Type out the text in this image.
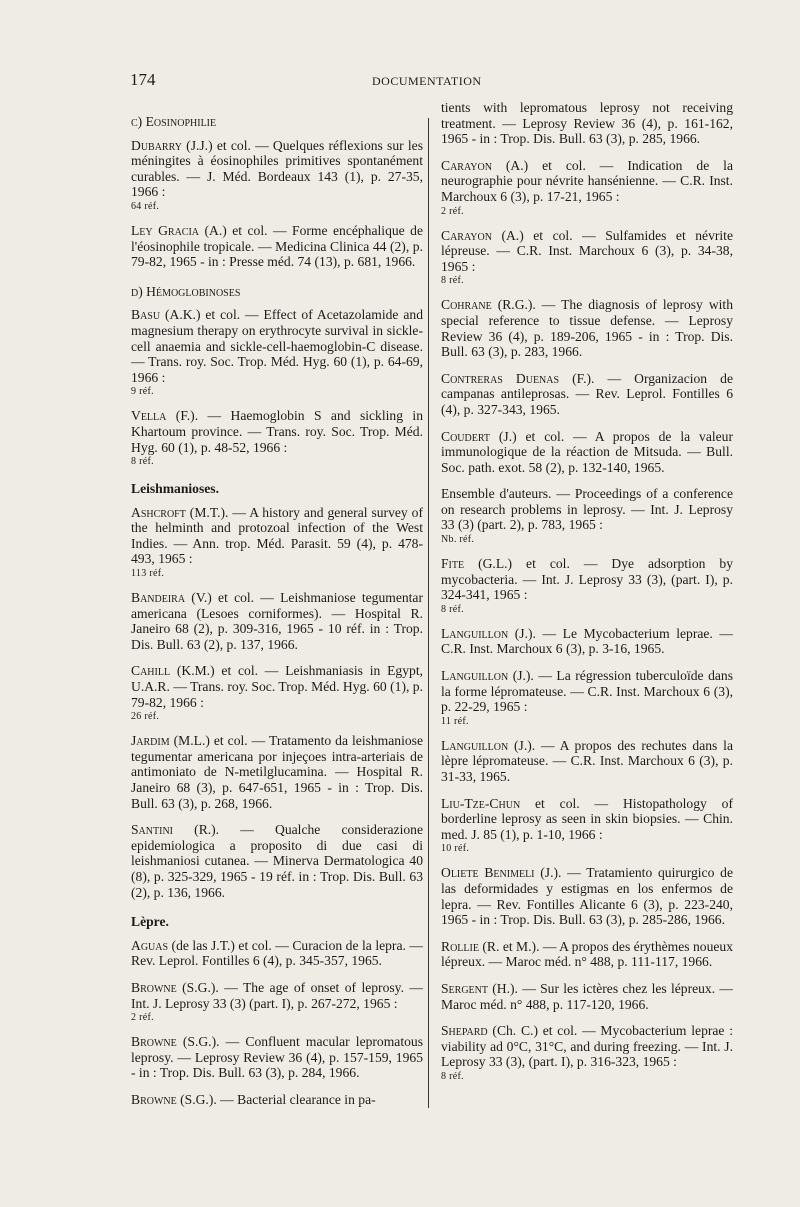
174	DOCUMENTATION
c) Eosinophilie

Dubarry (J.J.) et col. — Quelques réflexions sur les méningites à éosinophiles primitives spontanément curables. — J. Méd. Bordeaux 143 (1), p. 27-35, 1966 :
64 réf.

Ley Gracia (A.) et col. — Forme encéphalique de l'éosinophile tropicale. — Medicina Clinica 44 (2), p. 79-82, 1965 - in : Presse méd. 74 (13), p. 681, 1966.

d) Hémoglobinoses

Basu (A.K.) et col. — Effect of Acetazolamide and magnesium therapy on erythrocyte survival in sickle-cell anaemia and sickle-cell-haemoglobin-C disease. — Trans. roy. Soc. Trop. Méd. Hyg. 60 (1), p. 64-69, 1966 :
9 réf.

Vella (F.). — Haemoglobin S and sickling in Khartoum province. — Trans. roy. Soc. Trop. Méd. Hyg. 60 (1), p. 48-52, 1966 :
8 réf.

Leishmanioses.

Ashcroft (M.T.). — A history and general survey of the helminth and protozoal infection of the West Indies. — Ann. trop. Méd. Parasit. 59 (4), p. 478-493, 1965 :
113 réf.

Bandeira (V.) et col. — Leishmaniose tegumentar americana (Lesoes corniformes). — Hospital R. Janeiro 68 (2), p. 309-316, 1965 - 10 réf. in : Trop. Dis. Bull. 63 (2), p. 137, 1966.

Cahill (K.M.) et col. — Leishmaniasis in Egypt, U.A.R. — Trans. roy. Soc. Trop. Méd. Hyg. 60 (1), p. 79-82, 1966 :
26 réf.

Jardim (M.L.) et col. — Tratamento da leishmaniose tegumentar americana por injeçoes intra-arteriais de antimoniato de N-metilglucamina. — Hospital R. Janeiro 68 (3), p. 647-651, 1965 - in : Trop. Dis. Bull. 63 (3), p. 268, 1966.

Santini (R.). — Qualche considerazione epidemiologica a proposito di due casi di leishmaniosi cutanea. — Minerva Dermatologica 40 (8), p. 325-329, 1965 - 19 réf. in : Trop. Dis. Bull. 63 (2), p. 136, 1966.

Lèpre.

Aguas (de las J.T.) et col. — Curacion de la lepra. — Rev. Leprol. Fontilles 6 (4), p. 345-357, 1965.

Browne (S.G.). — The age of onset of leprosy. — Int. J. Leprosy 33 (3) (part. I), p. 267-272, 1965 :
2 réf.

Browne (S.G.). — Confluent macular lepromatous leprosy. — Leprosy Review 36 (4), p. 157-159, 1965 - in : Trop. Dis. Bull. 63 (3), p. 284, 1966.

Browne (S.G.). — Bacterial clearance in pa-

tients with lepromatous leprosy not receiving treatment. — Leprosy Review 36 (4), p. 161-162, 1965 - in : Trop. Dis. Bull. 63 (3), p. 285, 1966.

Carayon (A.) et col. — Indication de la neurographie pour névrite hansénienne. — C.R. Inst. Marchoux 6 (3), p. 17-21, 1965 :
2 réf.

Carayon (A.) et col. — Sulfamides et névrite lépreuse. — C.R. Inst. Marchoux 6 (3), p. 34-38, 1965 :
8 réf.

Cohrane (R.G.). — The diagnosis of leprosy with special reference to tissue defense. — Leprosy Review 36 (4), p. 189-206, 1965 - in : Trop. Dis. Bull. 63 (3), p. 283, 1966.

Contreras Duenas (F.). — Organizacion de campanas antileprosas. — Rev. Leprol. Fontilles 6 (4), p. 327-343, 1965.

Coudert (J.) et col. — A propos de la valeur immunologique de la réaction de Mitsuda. — Bull. Soc. path. exot. 58 (2), p. 132-140, 1965.

Ensemble d'auteurs. — Proceedings of a conference on research problems in leprosy. — Int. J. Leprosy 33 (3) (part. 2), p. 783, 1965 :
Nb. réf.

Fite (G.L.) et col. — Dye adsorption by mycobacteria. — Int. J. Leprosy 33 (3), (part. I), p. 324-341, 1965 :
8 réf.

Languillon (J.). — Le Mycobacterium leprae. — C.R. Inst. Marchoux 6 (3), p. 3-16, 1965.

Languillon (J.). — La régression tuberculoïde dans la forme lépromateuse. — C.R. Inst. Marchoux 6 (3), p. 22-29, 1965 :
11 réf.

Languillon (J.). — A propos des rechutes dans la lèpre lépromateuse. — C.R. Inst. Marchoux 6 (3), p. 31-33, 1965.

Liu-Tze-Chun et col. — Histopathology of borderline leprosy as seen in skin biopsies. — Chin. med. J. 85 (1), p. 1-10, 1966 :
10 réf.

Oliete Benimeli (J.). — Tratamiento quirurgico de las deformidades y estigmas en los enfermos de lepra. — Rev. Fontilles Alicante 6 (3), p. 223-240, 1965 - in : Trop. Dis. Bull. 63 (3), p. 285-286, 1966.

Rollie (R. et M.). — A propos des érythèmes noueux lépreux. — Maroc méd. n° 488, p. 111-117, 1966.

Sergent (H.). — Sur les ictères chez les lépreux. — Maroc méd. n° 488, p. 117-120, 1966.

Shepard (Ch. C.) et col. — Mycobacterium leprae : viability ad 0°C, 31°C, and during freezing. — Int. J. Leprosy 33 (3), (part. I), p. 316-323, 1965 :
8 réf.
